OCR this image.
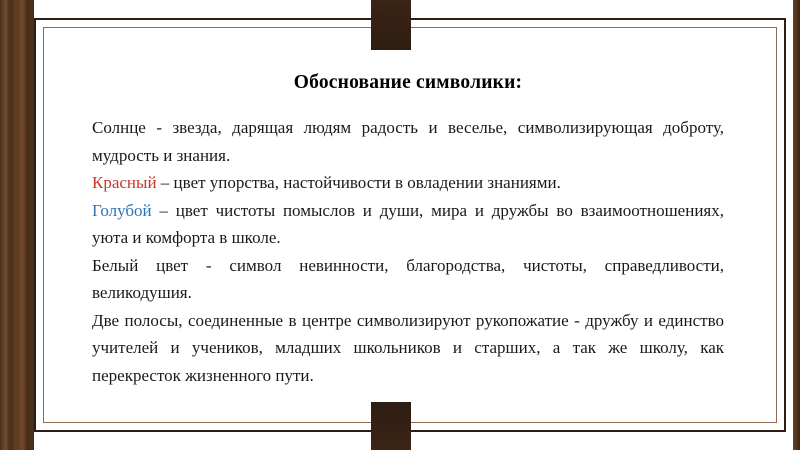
Обоснование символики:

Солнце - звезда, дарящая людям радость и веселье, символизирующая доброту, мудрость и знания.

Красный – цвет упорства, настойчивости в овладении знаниями.

Голубой – цвет чистоты помыслов и души, мира и дружбы во взаимоотношениях, уюта и комфорта в школе.

Белый цвет - символ невинности, благородства, чистоты, справедливости, великодушия.

Две полосы, соединенные в центре символизируют рукопожатие - дружбу и единство учителей и учеников, младших школьников и старших, а так же школу, как перекресток жизненного пути.
